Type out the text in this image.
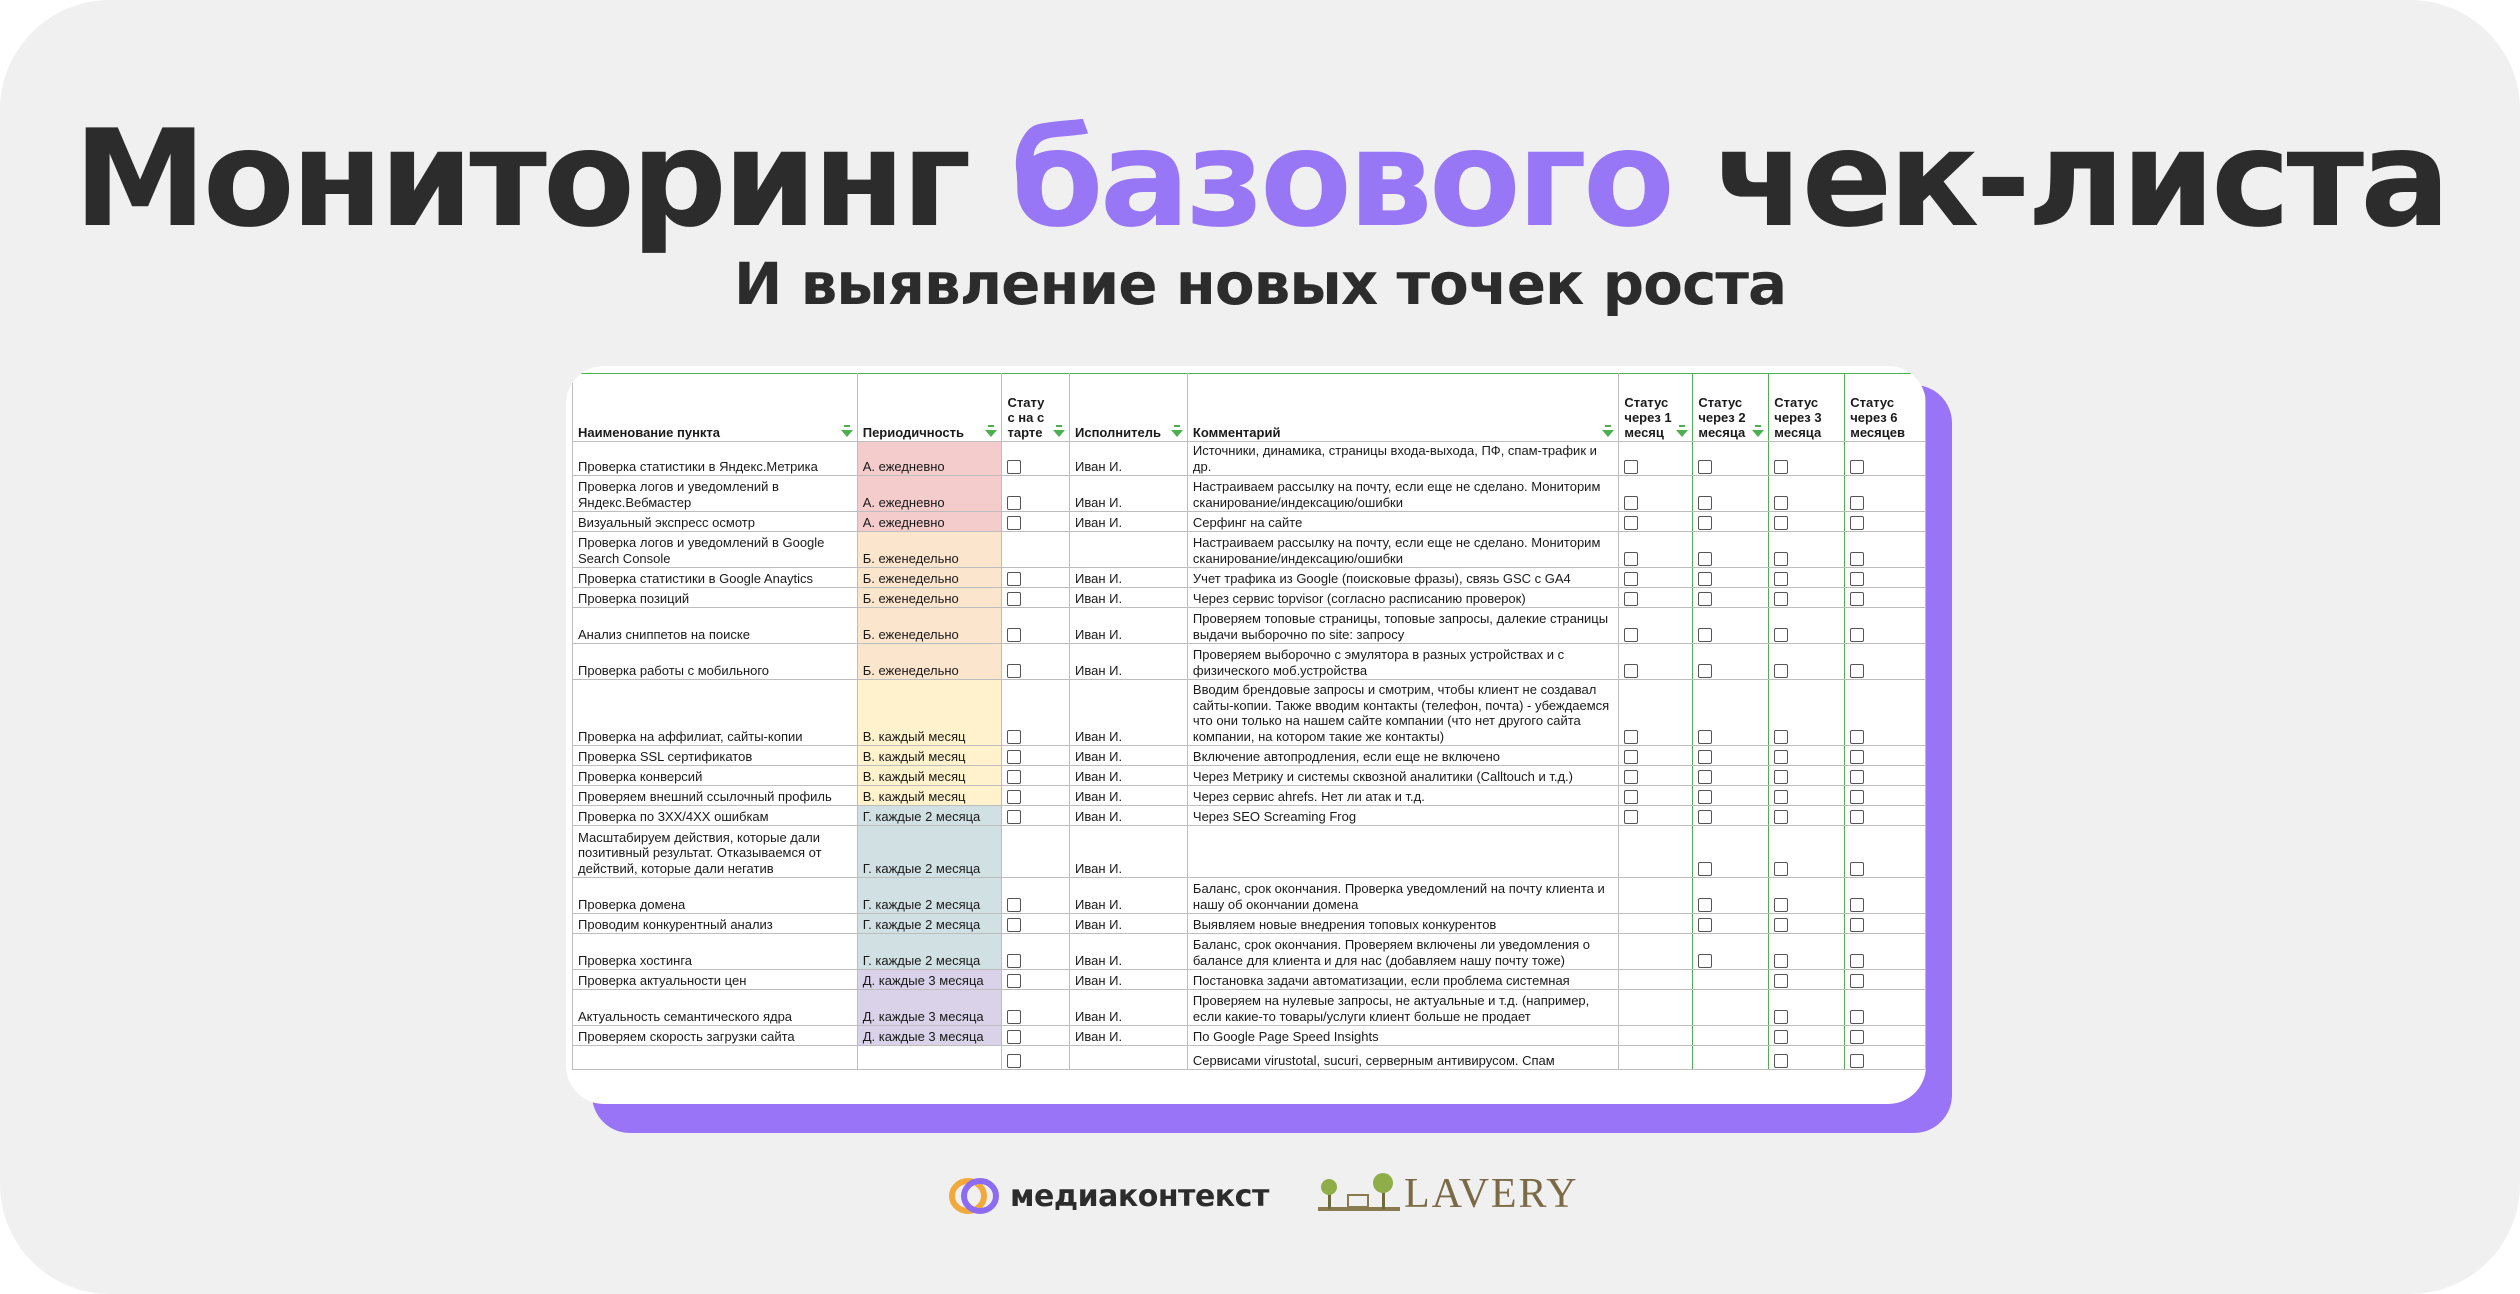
Мониторинг базового чек-листа
И выявление новых точек роста
Наименование пункта	Периодичность	Статус на старте	Исполнитель	Комментарий	Статус через 1 месяц	Статус через 2 месяца	Статус через 3 месяца	Статус через 6 месяцев
Проверка статистики в Яндекс.Метрика	А. ежедневно		Иван И.	Источники, динамика, страницы входа-выхода, ПФ, спам-трафик и др.				
Проверка логов и уведомлений в Яндекс.Вебмастер	А. ежедневно		Иван И.	Настраиваем рассылку на почту, если еще не сделано. Мониторим сканирование/индексацию/ошибки				
Визуальный экспресс осмотр	А. ежедневно		Иван И.	Серфинг на сайте				
Проверка логов и уведомлений в Google Search Console	Б. еженедельно			Настраиваем рассылку на почту, если еще не сделано. Мониторим сканирование/индексацию/ошибки				
Проверка статистики в Google Anaytics	Б. еженедельно		Иван И.	Учет трафика из Google (поисковые фразы), связь GSC с GA4				
Проверка позиций	Б. еженедельно		Иван И.	Через сервис topvisor (согласно расписанию проверок)				
Анализ сниппетов на поиске	Б. еженедельно		Иван И.	Проверяем топовые страницы, топовые запросы, далекие страницы выдачи выборочно по site: запросу				
Проверка работы с мобильного	Б. еженедельно		Иван И.	Проверяем выборочно с эмулятора в разных устройствах и с физического моб.устройства				
Проверка на аффилиат, сайты-копии	В. каждый месяц		Иван И.	Вводим брендовые запросы и смотрим, чтобы клиент не создавал сайты-копии. Также вводим контакты (телефон, почта) - убеждаемся что они только на нашем сайте компании (что нет другого сайта компании, на котором такие же контакты)				
Проверка SSL сертификатов	В. каждый месяц		Иван И.	Включение автопродления, если еще не включено				
Проверка конверсий	В. каждый месяц		Иван И.	Через Метрику и системы сквозной аналитики (Calltouch и т.д.)				
Проверяем внешний ссылочный профиль	В. каждый месяц		Иван И.	Через сервис ahrefs. Нет ли атак и т.д.				
Проверка по 3XX/4XX ошибкам	Г. каждые 2 месяца		Иван И.	Через SEO Screaming Frog				
Масштабируем действия, которые дали позитивный результат. Отказываемся от действий, которые дали негатив	Г. каждые 2 месяца		Иван И.					
Проверка домена	Г. каждые 2 месяца		Иван И.	Баланс, срок окончания. Проверка уведомлений на почту клиента и нашу об окончании домена				
Проводим конкурентный анализ	Г. каждые 2 месяца		Иван И.	Выявляем новые внедрения топовых конкурентов				
Проверка хостинга	Г. каждые 2 месяца		Иван И.	Баланс, срок окончания. Проверяем включены ли уведомления о балансе для клиента и для нас (добавляем нашу почту тоже)				
Проверка актуальности цен	Д. каждые 3 месяца		Иван И.	Постановка задачи автоматизации, если проблема системная				
Актуальность семантического ядра	Д. каждые 3 месяца		Иван И.	Проверяем на нулевые запросы, не актуальные и т.д. (например, если какие-то товары/услуги клиент больше не продает				
Проверяем скорость загрузки сайта	Д. каждые 3 месяца		Иван И.	По Google Page Speed Insights				
				Сервисами virustotal, sucuri, серверным антивирусом. Спам				
медиаконтекст	LAVERY
